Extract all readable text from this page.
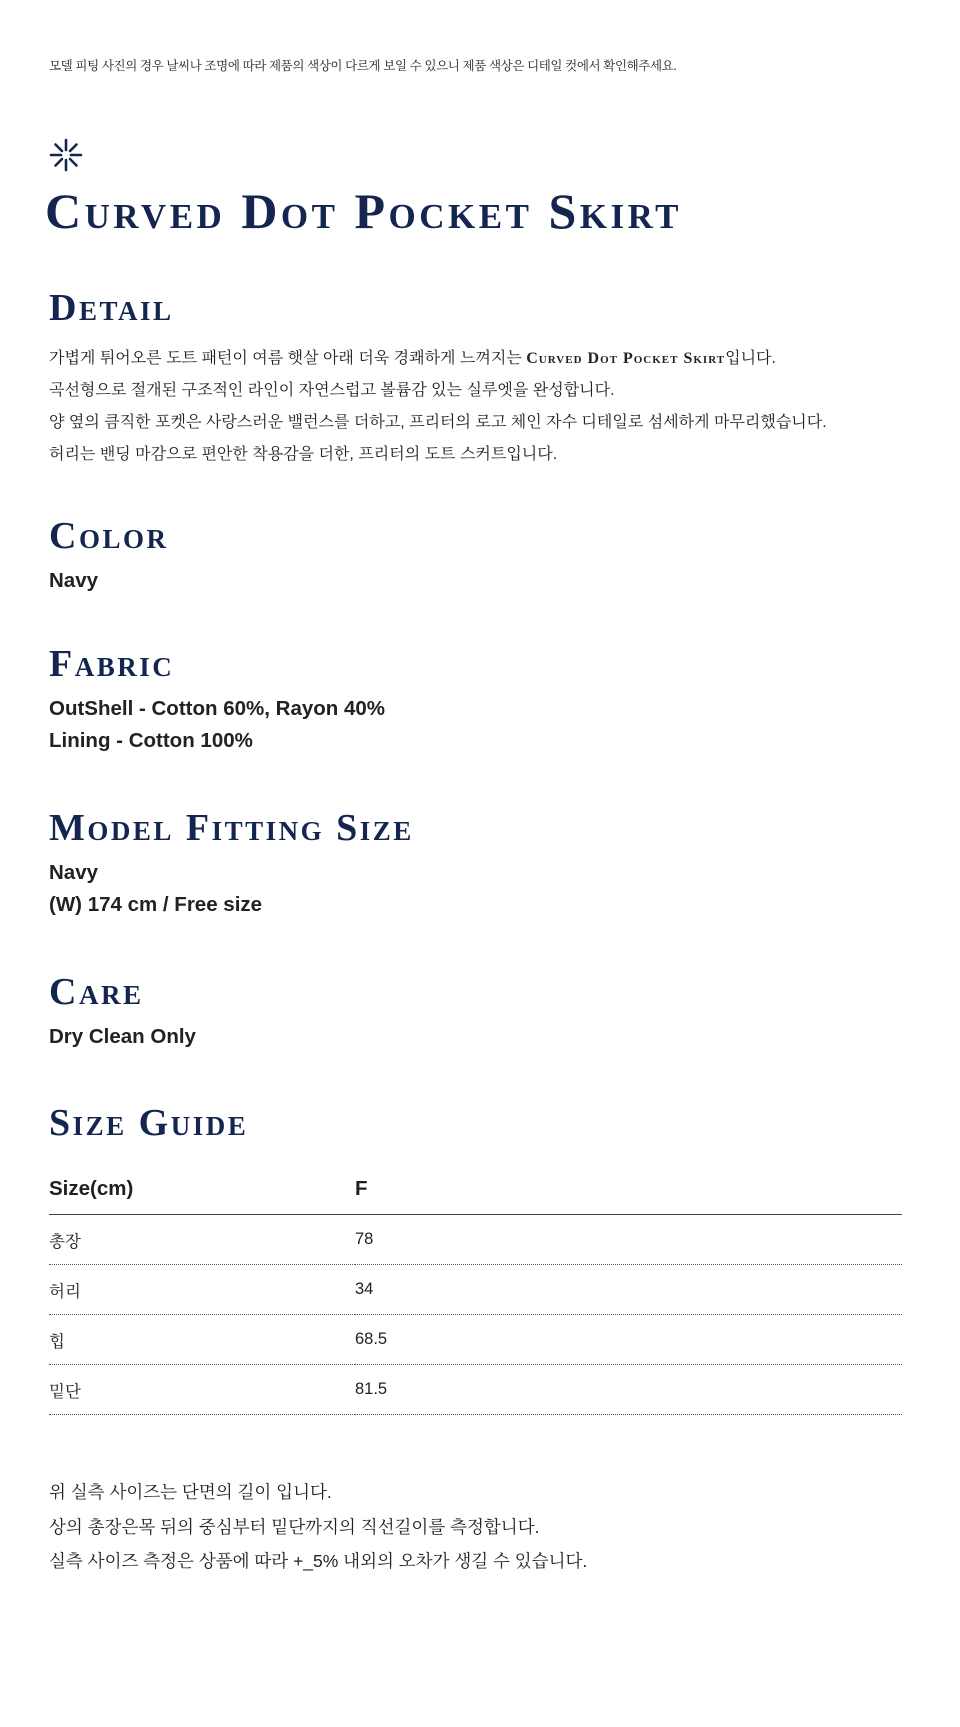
모델 피팅 사진의 경우 날씨나 조명에 따라 제품의 색상이 다르게 보일 수 있으니 제품 색상은 디테일 컷에서 확인해주세요.
Curved Dot Pocket Skirt
Detail
가볍게 튀어오른 도트 패턴이 여름 햇살 아래 더욱 경쾌하게 느껴지는 Curved Dot Pocket Skirt입니다.
곡선형으로 절개된 구조적인 라인이 자연스럽고 볼륨감 있는 실루엣을 완성합니다.
양 옆의 큼직한 포켓은 사랑스러운 밸런스를 더하고, 프리터의 로고 체인 자수 디테일로 섬세하게 마무리했습니다.
허리는 밴딩 마감으로 편안한 착용감을 더한, 프리터의 도트 스커트입니다.
Color
Navy
Fabric
OutShell - Cotton 60%, Rayon 40%
Lining - Cotton 100%
Model Fitting Size
Navy
(W) 174 cm / Free size
Care
Dry Clean Only
Size Guide
Size(cm)	F
총장	78
허리	34
힙	68.5
밑단	81.5
위 실측 사이즈는 단면의 길이 입니다.
상의 총장은목 뒤의 중심부터 밑단까지의 직선길이를 측정합니다.
실측 사이즈 측정은 상품에 따라 +_5% 내외의 오차가 생길 수 있습니다.
